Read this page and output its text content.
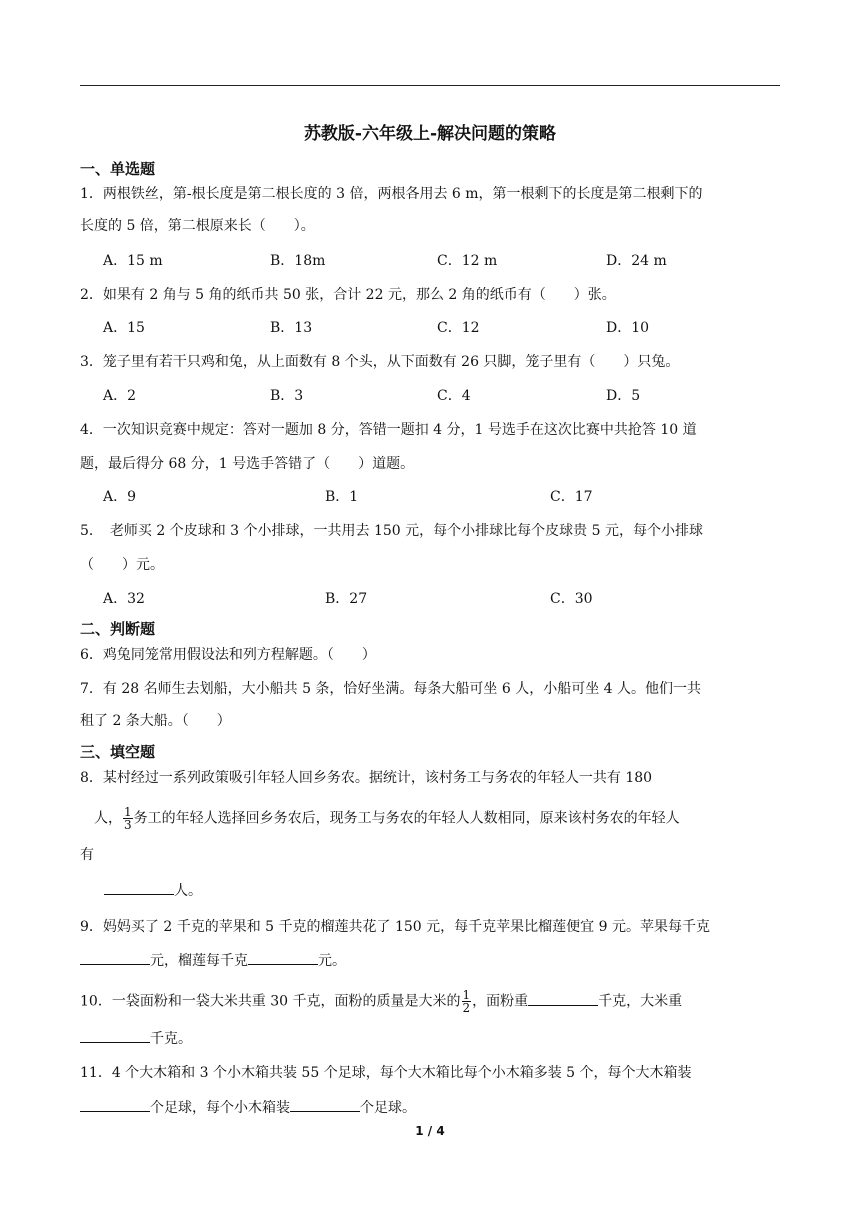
苏教版-六年级上-解决问题的策略
一、单选题
1．两根铁丝，第-根长度是第二根长度的 3 倍，两根各用去 6 m，第一根剩下的长度是第二根剩下的
长度的 5 倍，第二根原来长（　　）。
A．15 m	B．18m	C．12 m	D．24 m
2．如果有 2 角与 5 角的纸币共 50 张，合计 22 元，那么 2 角的纸币有（　　）张。
A．15	B．13	C．12	D．10
3．笼子里有若干只鸡和兔，从上面数有 8 个头，从下面数有 26 只脚，笼子里有（　　）只兔。
A．2	B．3	C．4	D．5
4．一次知识竞赛中规定：答对一题加 8 分，答错一题扣 4 分，1 号选手在这次比赛中共抢答 10 道
题，最后得分 68 分，1 号选手答错了（　　）道题。
A．9	B．1	C．17
5．　老师买 2 个皮球和 3 个小排球，一共用去 150 元，每个小排球比每个皮球贵 5 元，每个小排球
（　　）元。
A．32	B．27	C．30
二、判断题
6．鸡兔同笼常用假设法和列方程解题。（　　）
7．有 28 名师生去划船，大小船共 5 条，恰好坐满。每条大船可坐 6 人，小船可坐 4 人。他们一共
租了 2 条大船。（　　）
三、填空题
8．某村经过一系列政策吸引年轻人回乡务农。据统计，该村务工与务农的年轻人一共有 180
　人， $\frac{1}{3}$ 务工的年轻人选择回乡务农后，现务工与务农的年轻人人数相同，原来该村务农的年轻人
有
人。
9．妈妈买了 2 千克的苹果和 5 千克的榴莲共花了 150 元，每千克苹果比榴莲便宜 9 元。苹果每千克
元，榴莲每千克	元。
10．一袋面粉和一袋大米共重 30 千克，面粉的质量是大米的 $\frac{1}{2}$ ，面粉重	千克，大米重
千克。
11．4 个大木箱和 3 个小木箱共装 55 个足球，每个大木箱比每个小木箱多装 5 个，每个大木箱装
个足球，每个小木箱装	个足球。
1 / 4
